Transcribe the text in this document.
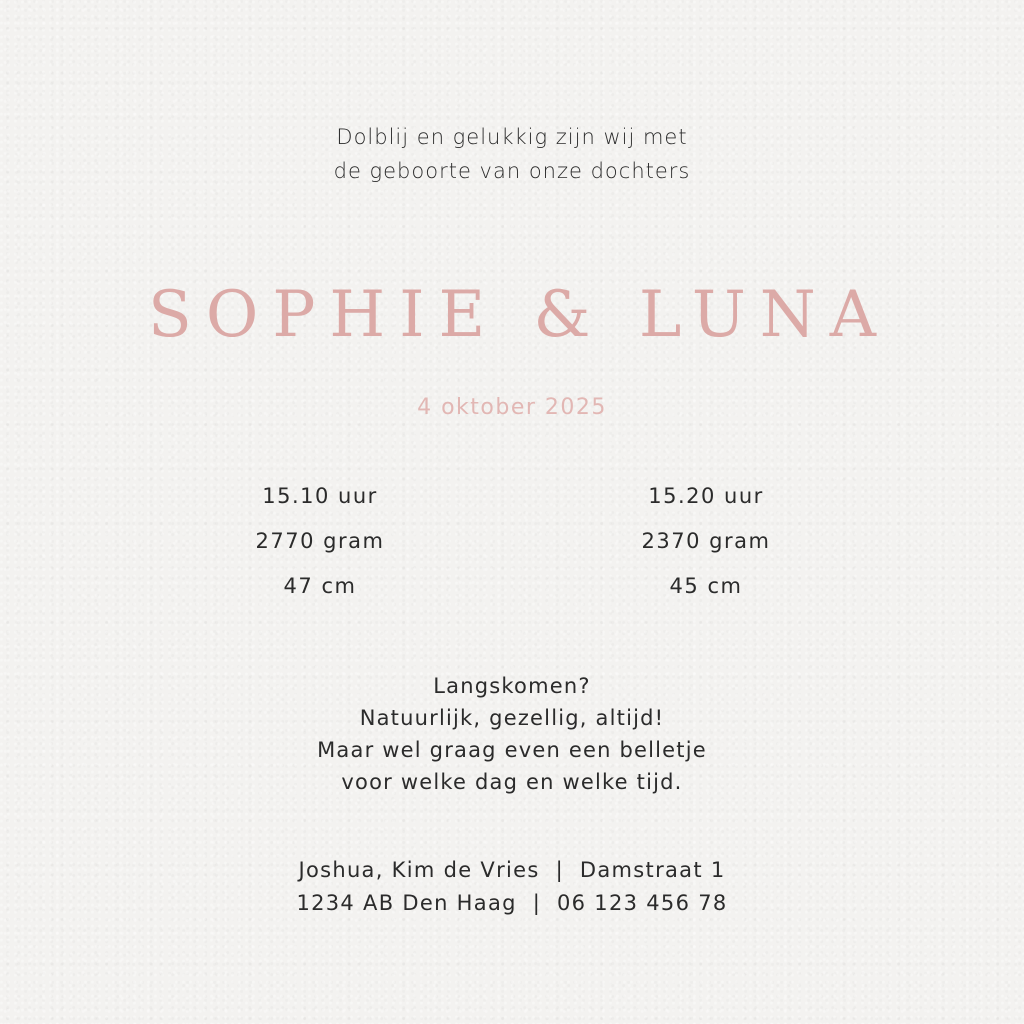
Dolblij en gelukkig zijn wij met
de geboorte van onze dochters
SOPHIE & LUNA
4 oktober 2025
15.10 uur
2770 gram
47 cm
15.20 uur
2370 gram
45 cm
Langskomen?
Natuurlijk, gezellig, altijd!
Maar wel graag even een belletje
voor welke dag en welke tijd.
Joshua, Kim de Vries  |  Damstraat 1
1234 AB Den Haag  |  06 123 456 78
